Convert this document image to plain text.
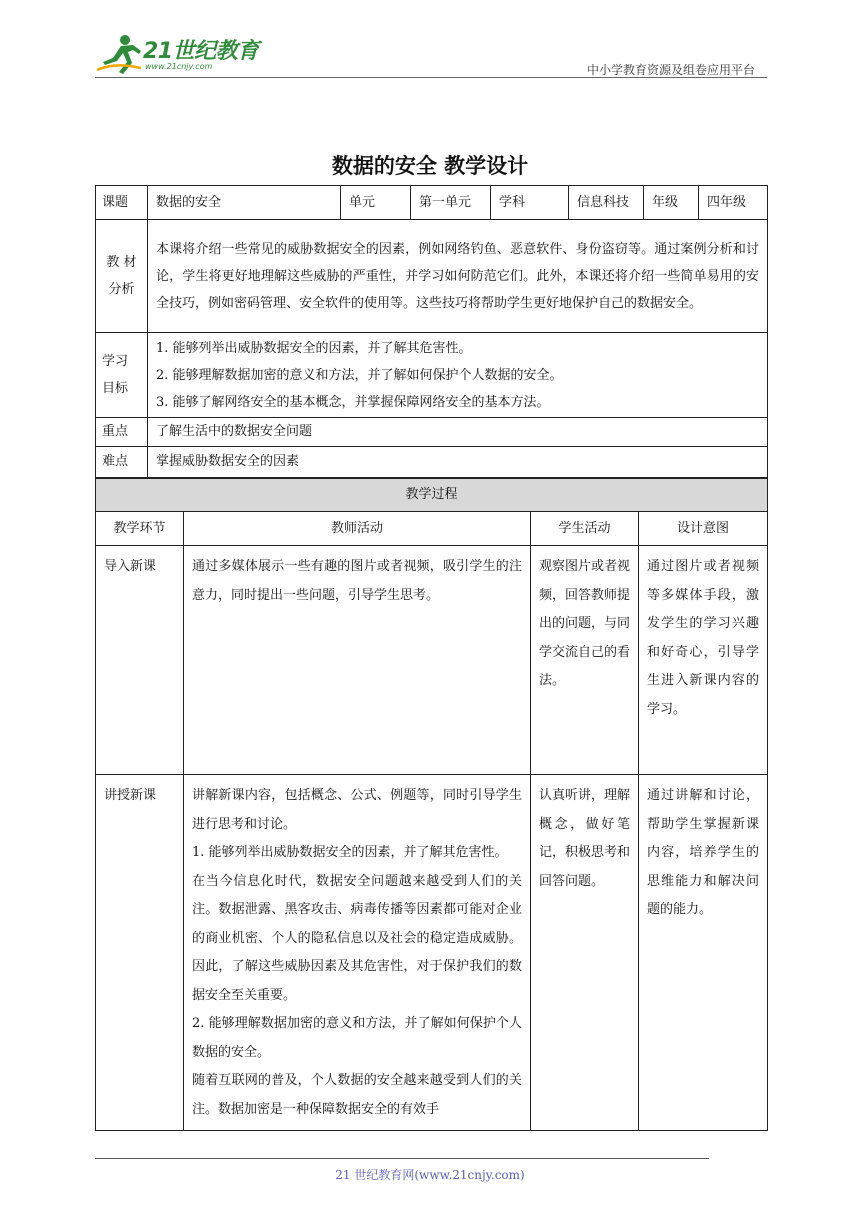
21世纪教育
www.21cnjy.com	中小学教育资源及组卷应用平台
数据的安全 教学设计
课题	数据的安全	单元	第一单元	学科	信息科技	年级	四年级

教 材
分析	本课将介绍一些常见的威胁数据安全的因素，例如网络钓鱼、恶意软件、身份盗窃等。通过案例分析和讨论，学生将更好地理解这些威胁的严重性，并学习如何防范它们。此外，本课还将介绍一些简单易用的安全技巧，例如密码管理、安全软件的使用等。这些技巧将帮助学生更好地保护自己的数据安全。						

学习
目标	1. 能够列举出威胁数据安全的因素，并了解其危害性。
2. 能够理解数据加密的意义和方法，并了解如何保护个人数据的安全。
3. 能够了解网络安全的基本概念，并掌握保障网络安全的基本方法。						

重点	了解生活中的数据安全问题						
难点	掌握威胁数据安全的因素						
教学过程			
教学环节	教师活动	学生活动	设计意图
导入新课	通过多媒体展示一些有趣的图片或者视频，吸引学生的注意力，同时提出一些问题，引导学生思考。	观察图片或者视频，回答教师提出的问题，与同学交流自己的看法。	通过图片或者视频等多媒体手段，激发学生的学习兴趣和好奇心，引导学生进入新课内容的学习。
讲授新课	讲解新课内容，包括概念、公式、例题等，同时引导学生进行思考和讨论。
1. 能够列举出威胁数据安全的因素，并了解其危害性。
在当今信息化时代，数据安全问题越来越受到人们的关注。数据泄露、黑客攻击、病毒传播等因素都可能对企业的商业机密、个人的隐私信息以及社会的稳定造成威胁。因此，了解这些威胁因素及其危害性，对于保护我们的数据安全至关重要。
2. 能够理解数据加密的意义和方法，并了解如何保护个人数据的安全。
随着互联网的普及，个人数据的安全越来越受到人们的关注。数据加密是一种保障数据安全的有效手	认真听讲，理解概念，做好笔记，积极思考和回答问题。	通过讲解和讨论，帮助学生掌握新课内容，培养学生的思维能力和解决问题的能力。
21 世纪教育网(www.21cnjy.com)
